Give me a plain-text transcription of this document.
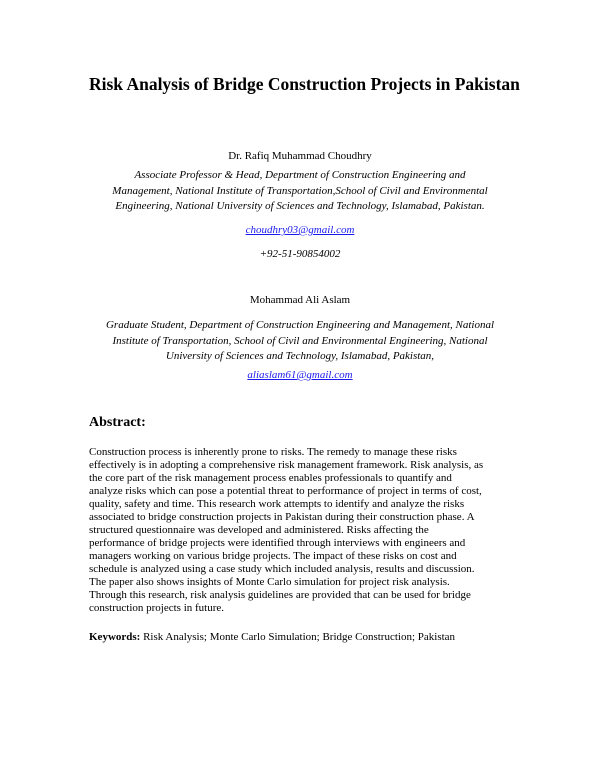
Risk Analysis of Bridge Construction Projects in Pakistan
Dr. Rafiq Muhammad Choudhry
Associate Professor & Head, Department of Construction Engineering and
Management, National Institute of Transportation,School of Civil and Environmental
Engineering, National University of Sciences and Technology, Islamabad, Pakistan.
choudhry03@gmail.com
+92-51-90854002
Mohammad Ali Aslam
Graduate Student, Department of Construction Engineering and Management, National
Institute of Transportation, School of Civil and Environmental Engineering, National
University of Sciences and Technology, Islamabad, Pakistan,
aliaslam61@gmail.com
Abstract:
Construction process is inherently prone to risks. The remedy to manage these risks
effectively is in adopting a comprehensive risk management framework. Risk analysis, as
the core part of the risk management process enables professionals to quantify and
analyze risks which can pose a potential threat to performance of project in terms of cost,
quality, safety and time. This research work attempts to identify and analyze the risks
associated to bridge construction projects in Pakistan during their construction phase. A
structured questionnaire was developed and administered. Risks affecting the
performance of bridge projects were identified through interviews with engineers and
managers working on various bridge projects. The impact of these risks on cost and
schedule is analyzed using a case study which included analysis, results and discussion.
The paper also shows insights of Monte Carlo simulation for project risk analysis.
Through this research, risk analysis guidelines are provided that can be used for bridge
construction projects in future.

Keywords: Risk Analysis; Monte Carlo Simulation; Bridge Construction; Pakistan
